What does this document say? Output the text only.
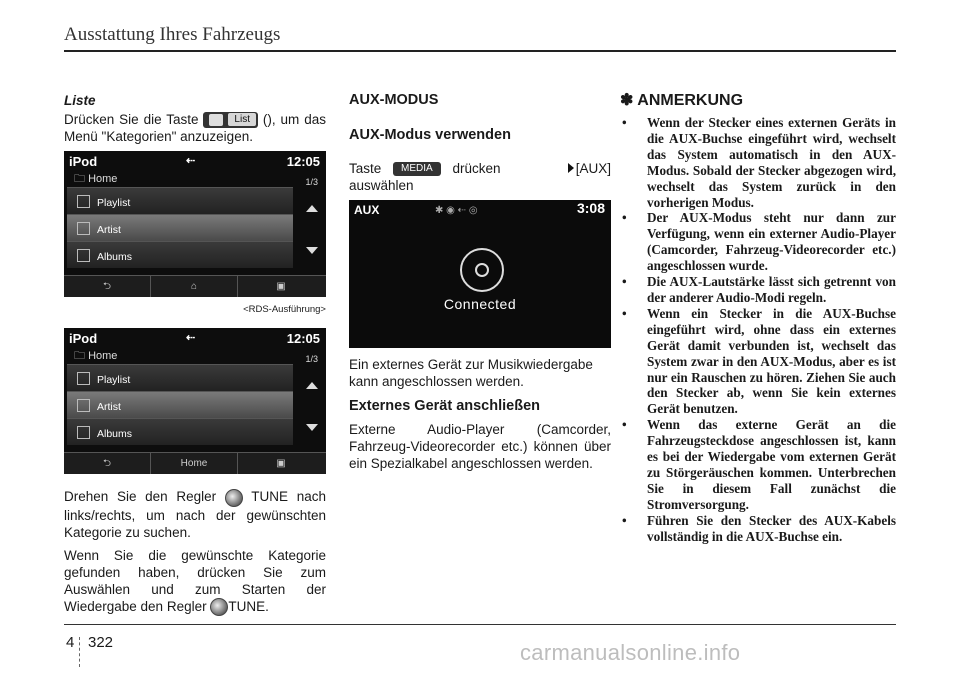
Ausstattung Ihres Fahrzeugs
Liste

Drücken Sie die Taste	List (), um das Menü "Kategorien" anzuzeigen.

iPod	⇠	12:05
🗀 Home	1/3
Playlist
Artist
Albums
⮌	⌂	▣
<RDS-Ausführung>
iPod	⇠	12:05
🗀 Home	1/3
Playlist
Artist
Albums
⮌	Home	▣

Drehen Sie den Regler	TUNE nach links/rechts, um nach der gewünschten Kategorie zu suchen.

Wenn Sie die gewünschte Kategorie gefunden haben, drücken Sie zum Auswählen und zum Starten der Wiedergabe den Regler TUNE.

AUX-MODUS
AUX-Modus verwenden

Taste MEDIA drücken	[AUX]

auswählen

AUX	✱ ◉ ⇠ ◎	3:08
Connected

Ein externes Gerät zur Musikwiedergabe kann angeschlossen werden.

Externes Gerät anschließen

Externe Audio-Player (Camcorder, Fahrzeug-Videorecorder etc.) können über ein Spezialkabel angeschlossen werden.

✽ ANMERKUNG
• Wenn der Stecker eines externen Geräts in die AUX-Buchse eingeführt wird, wechselt das System automatisch in den AUX-Modus. Sobald der Stecker abgezogen wird, wechselt das System zurück in den vorherigen Modus.
• Der AUX-Modus steht nur dann zur Verfügung, wenn ein externer Audio-Player (Camcorder, Fahrzeug-Videorecorder etc.) angeschlossen wurde.
• Die AUX-Lautstärke lässt sich getrennt von der anderer Audio-Modi regeln.
• Wenn ein Stecker in die AUX-Buchse eingeführt wird, ohne dass ein externes Gerät damit verbunden ist, wechselt das System zwar in den AUX-Modus, aber es ist nur ein Rauschen zu hören. Ziehen Sie auch den Stecker ab, wenn Sie kein externes Gerät benutzen.
• Wenn das externe Gerät an die Fahrzeugsteckdose angeschlossen ist, kann es bei der Wiedergabe vom externen Gerät zu Störgeräuschen kommen. Unterbrechen Sie in diesem Fall zunächst die Stromversorgung.
• Führen Sie den Stecker des AUX-Kabels vollständig in die AUX-Buchse ein.
4 322	carmanualsonline.info
